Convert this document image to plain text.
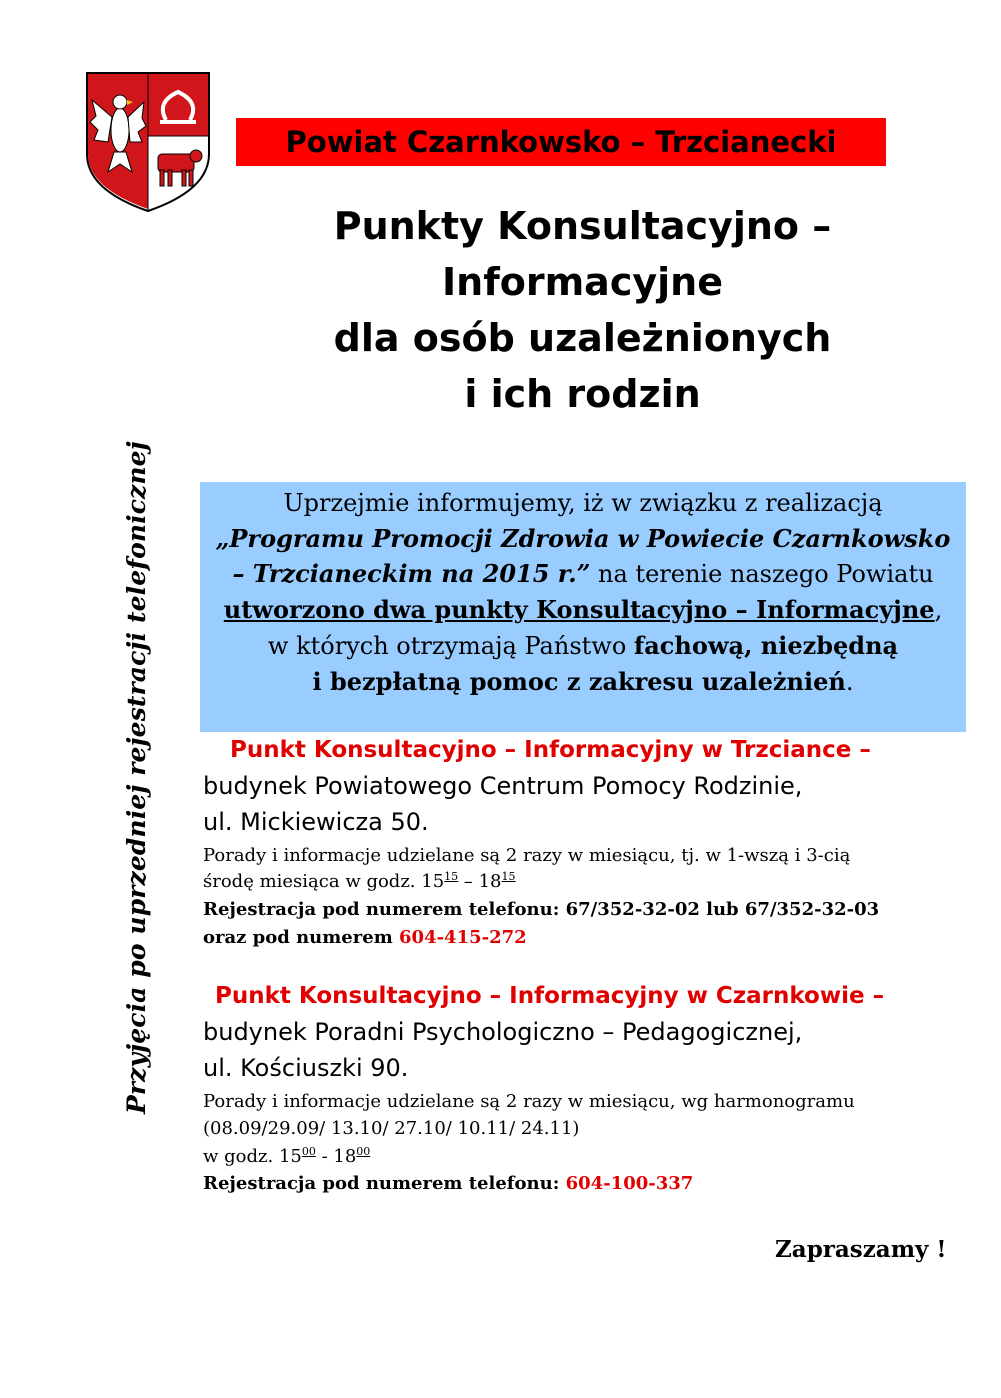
Powiat Czarnkowsko – Trzcianecki
Punkty Konsultacyjno –
Informacyjne
dla osób uzależnionych
i ich rodzin
Przyjęcia po uprzedniej rejestracji telefonicznej	Uprzejmie informujemy, iż w związku z realizacją
„Programu Promocji Zdrowia w Powiecie Czarnkowsko
– Trzcianeckim na 2015 r.” na terenie naszego Powiatu
utworzono dwa punkty Konsultacyjno – Informacyjne,
w których otrzymają Państwo fachową, niezbędną
i bezpłatną pomoc z zakresu uzależnień.
Punkt Konsultacyjno – Informacyjny w Trzciance –
budynek Powiatowego Centrum Pomocy Rodzinie,
ul. Mickiewicza 50.
Porady i informacje udzielane są 2 razy w miesiącu, tj. w 1-wszą i 3-cią
środę miesiąca w godz. $15^{15} - 18^{15}$
Rejestracja pod numerem telefonu: 67/352-32-02 lub 67/352-32-03
oraz pod numerem 604-415-272
Punkt Konsultacyjno – Informacyjny w Czarnkowie –
budynek Poradni Psychologiczno – Pedagogicznej,
ul. Kościuszki 90.
Porady i informacje udzielane są 2 razy w miesiącu, wg harmonogramu
(08.09/29.09/ 13.10/ 27.10/ 10.11/ 24.11)
w godz. $15^{00} - 18^{00}$
Rejestracja pod numerem telefonu: 604-100-337
Zapraszamy !
